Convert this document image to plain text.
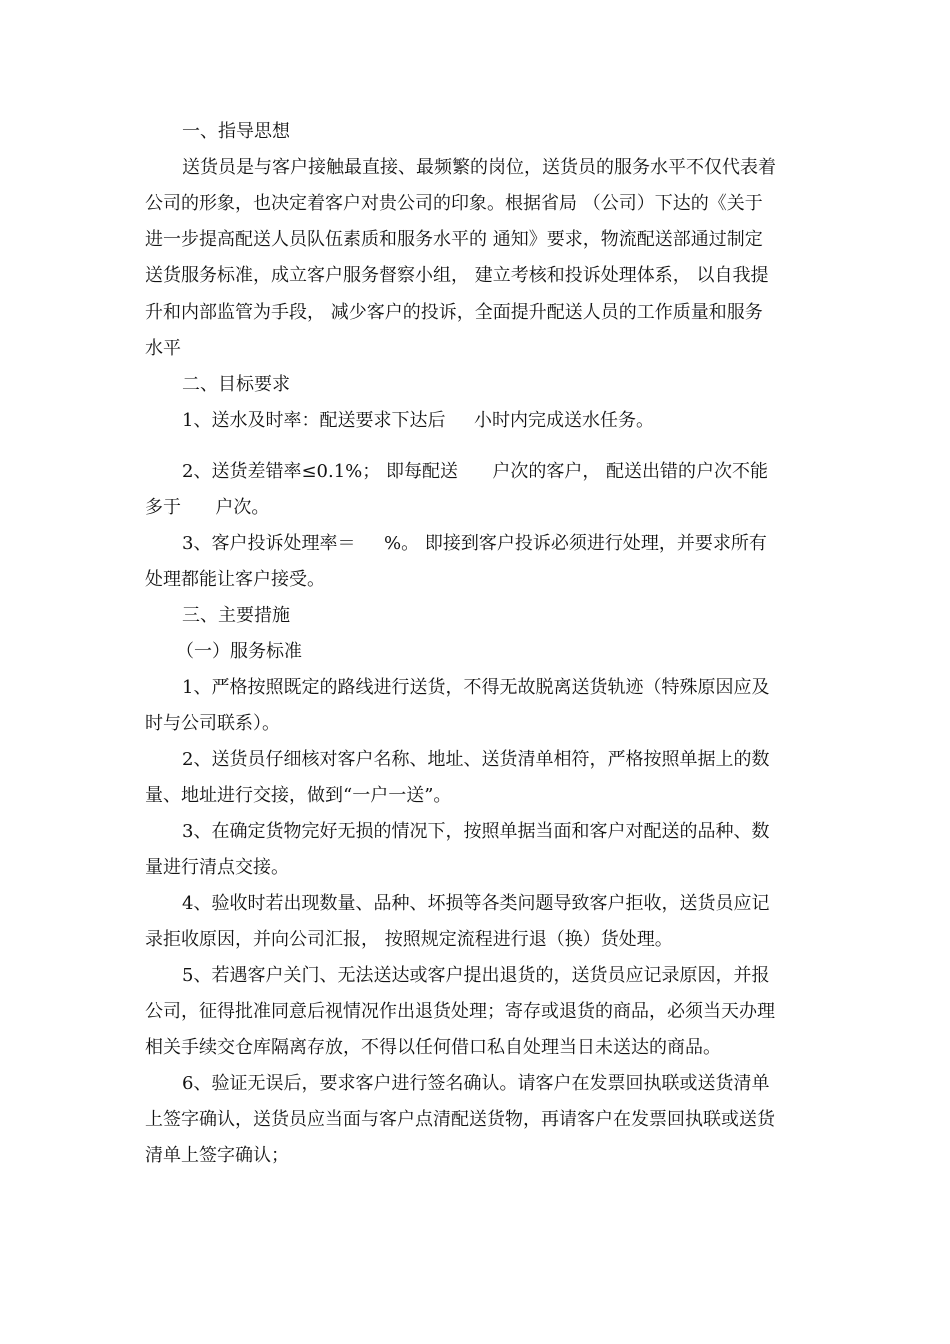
一、指导思想
送货员是与客户接触最直接、最频繁的岗位，送货员的服务水平不仅代表着
公司的形象，也决定着客户对贵公司的印象。根据省局 （公司）下达的《关于
进一步提高配送人员队伍素质和服务水平的 通知》要求，物流配送部通过制定
送货服务标准，成立客户服务督察小组， 建立考核和投诉处理体系， 以自我提
升和内部监管为手段， 减少客户的投诉，全面提升配送人员的工作质量和服务
水平
二、目标要求
1、送水及时率：配送要求下达后     小时内完成送水任务。
2、送货差错率≤0.1%； 即每配送      户次的客户， 配送出错的户次不能
多于      户次。
3、客户投诉处理率＝     %。 即接到客户投诉必须进行处理，并要求所有
处理都能让客户接受。
三、主要措施
（一）服务标准
1、严格按照既定的路线进行送货，不得无故脱离送货轨迹（特殊原因应及
时与公司联系）。
2、送货员仔细核对客户名称、地址、送货清单相符，严格按照单据上的数
量、地址进行交接，做到“一户一送”。
3、在确定货物完好无损的情况下，按照单据当面和客户对配送的品种、数
量进行清点交接。
4、验收时若出现数量、品种、坏损等各类问题导致客户拒收，送货员应记
录拒收原因，并向公司汇报， 按照规定流程进行退（换）货处理。
5、若遇客户关门、无法送达或客户提出退货的，送货员应记录原因，并报
公司，征得批准同意后视情况作出退货处理；寄存或退货的商品，必须当天办理
相关手续交仓库隔离存放，不得以任何借口私自处理当日未送达的商品。
6、验证无误后，要求客户进行签名确认。请客户在发票回执联或送货清单
上签字确认，送货员应当面与客户点清配送货物，再请客户在发票回执联或送货
清单上签字确认；
